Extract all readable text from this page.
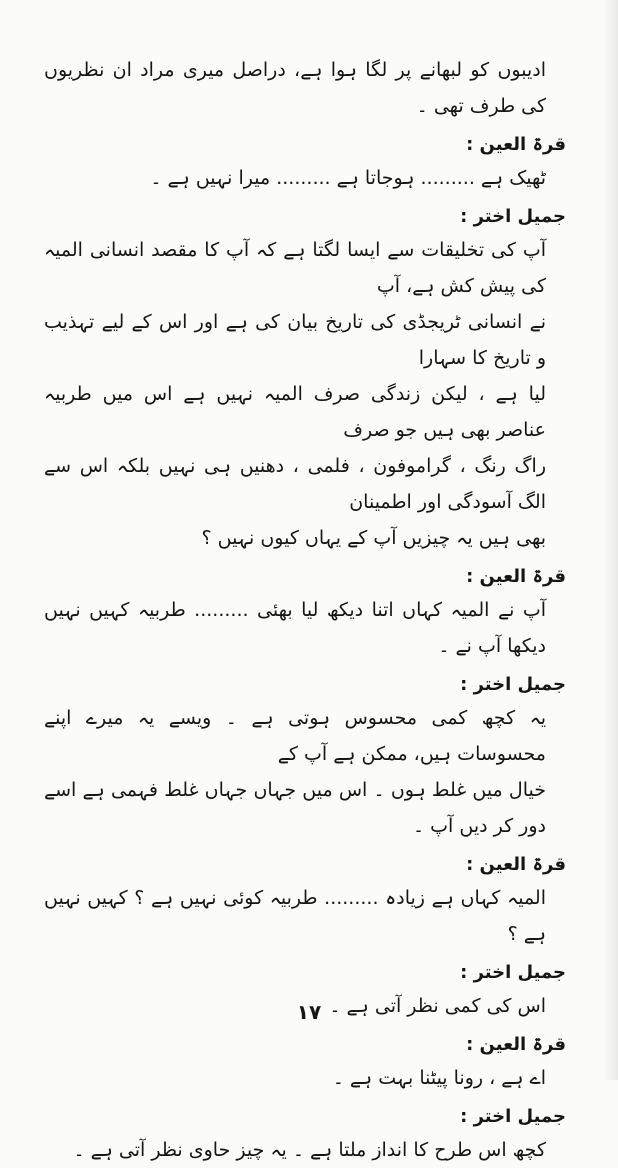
ادیبوں کو لبھانے پر لگا ہوا ہے، دراصل میری مراد ان نظریوں کی طرف تھی ۔

قرۃ العین :

ٹھیک ہے ......... ہوجاتا ہے ......... میرا نہیں ہے ۔

جمیل اختر :

آپ کی تخلیقات سے ایسا لگتا ہے کہ آپ کا مقصد انسانی المیہ کی پیش کش ہے، آپ

نے انسانی ٹریجڈی کی تاریخ بیان کی ہے اور اس کے لیے تہذیب و تاریخ کا سہارا

لیا ہے ، لیکن زندگی صرف المیہ نہیں ہے اس میں طربیہ عناصر بھی ہیں جو صرف

راگ رنگ ، گراموفون ، فلمی ، دھنیں ہی نہیں بلکہ اس سے الگ آسودگی اور اطمینان

بھی ہیں یہ چیزیں آپ کے یہاں کیوں نہیں ؟

قرۃ العین :

آپ نے المیہ کہاں اتنا دیکھ لیا بھئی ......... طربیہ کہیں نہیں دیکھا آپ نے ۔

جمیل اختر :

یہ کچھ کمی محسوس ہوتی ہے ۔ ویسے یہ میرے اپنے محسوسات ہیں، ممکن ہے آپ کے

خیال میں غلط ہوں ۔ اس میں جہاں جہاں غلط فہمی ہے اسے دور کر دیں آپ ۔

قرۃ العین :

المیہ کہاں ہے زیادہ ......... طربیہ کوئی نہیں ہے ؟ کہیں نہیں ہے ؟

جمیل اختر :

اس کی کمی نظر آتی ہے ۔

قرۃ العین :

اے ہے ، رونا پیٹنا بہت ہے ۔

جمیل اختر :

کچھ اس طرح کا انداز ملتا ہے ۔ یہ چیز حاوی نظر آتی ہے ۔

۱۷
